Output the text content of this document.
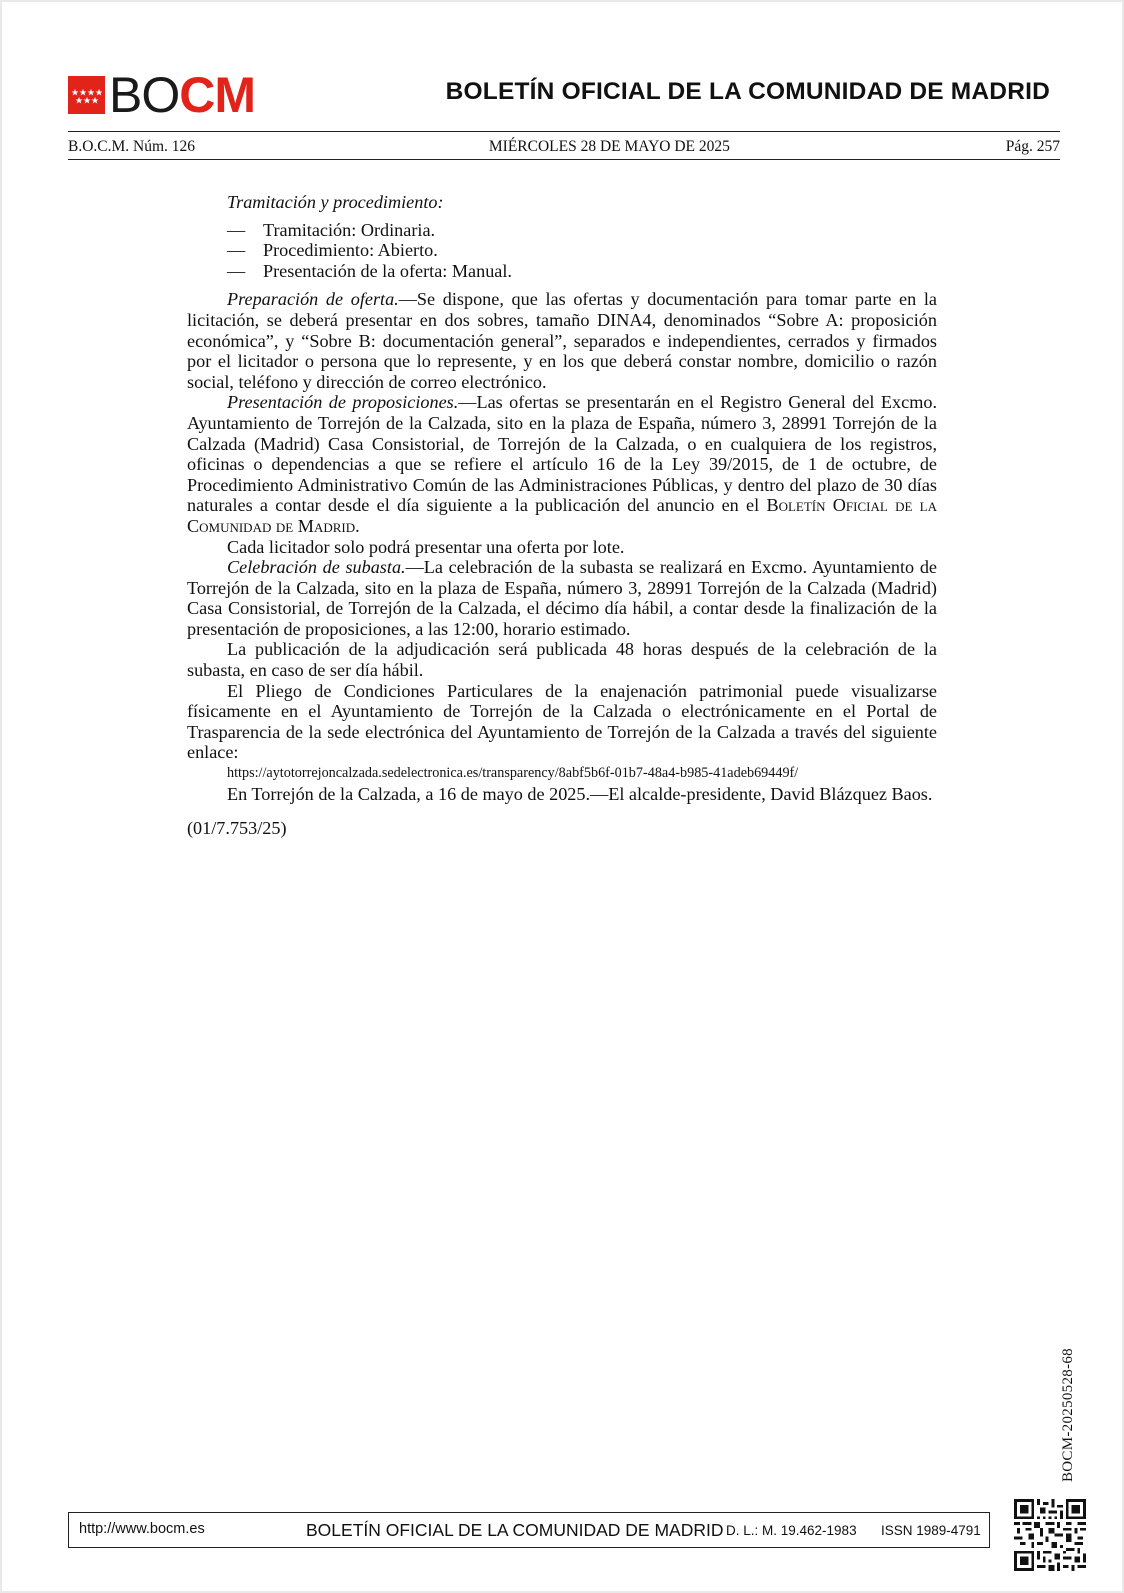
BOCM	BOLETÍN OFICIAL DE LA COMUNIDAD DE MADRID
B.O.C.M. Núm. 126	MIÉRCOLES 28 DE MAYO DE 2025	Pág. 257

Tramitación y procedimiento:

— Tramitación: Ordinaria.

— Procedimiento: Abierto.

— Presentación de la oferta: Manual.

Preparación de oferta.—Se dispone, que las ofertas y documentación para tomar parte en la licitación, se deberá presentar en dos sobres, tamaño DINA4, denominados “Sobre A: proposición económica”, y “Sobre B: documentación general”, separados e independientes, cerrados y firmados por el licitador o persona que lo represente, y en los que deberá constar nombre, domicilio o razón social, teléfono y dirección de correo electrónico.

Presentación de proposiciones.—Las ofertas se presentarán en el Registro General del Excmo. Ayuntamiento de Torrejón de la Calzada, sito en la plaza de España, número 3, 28991 Torrejón de la Calzada (Madrid) Casa Consistorial, de Torrejón de la Calzada, o en cualquiera de los registros, oficinas o dependencias a que se refiere el artículo 16 de la Ley 39/2015, de 1 de octubre, de Procedimiento Administrativo Común de las Administraciones Públicas, y dentro del plazo de 30 días naturales a contar desde el día siguiente a la publicación del anuncio en el Boletín Oficial de la Comunidad de Madrid.

Cada licitador solo podrá presentar una oferta por lote.

Celebración de subasta.—La celebración de la subasta se realizará en Excmo. Ayuntamiento de Torrejón de la Calzada, sito en la plaza de España, número 3, 28991 Torrejón de la Calzada (Madrid) Casa Consistorial, de Torrejón de la Calzada, el décimo día hábil, a contar desde la finalización de la presentación de proposiciones, a las 12:00, horario estimado.

La publicación de la adjudicación será publicada 48 horas después de la celebración de la subasta, en caso de ser día hábil.

El Pliego de Condiciones Particulares de la enajenación patrimonial puede visualizarse físicamente en el Ayuntamiento de Torrejón de la Calzada o electrónicamente en el Portal de Trasparencia de la sede electrónica del Ayuntamiento de Torrejón de la Calzada a través del siguiente enlace:

https://aytotorrejoncalzada.sedelectronica.es/transparency/8abf5b6f-01b7-48a4-b985-41adeb69449f/

En Torrejón de la Calzada, a 16 de mayo de 2025.—El alcalde-presidente, David Blázquez Baos.

(01/7.753/25)

BOCM-20250528-68
http://www.bocm.es	BOLETÍN OFICIAL DE LA COMUNIDAD DE MADRID D. L.: M. 19.462-1983 ISSN 1989-4791
